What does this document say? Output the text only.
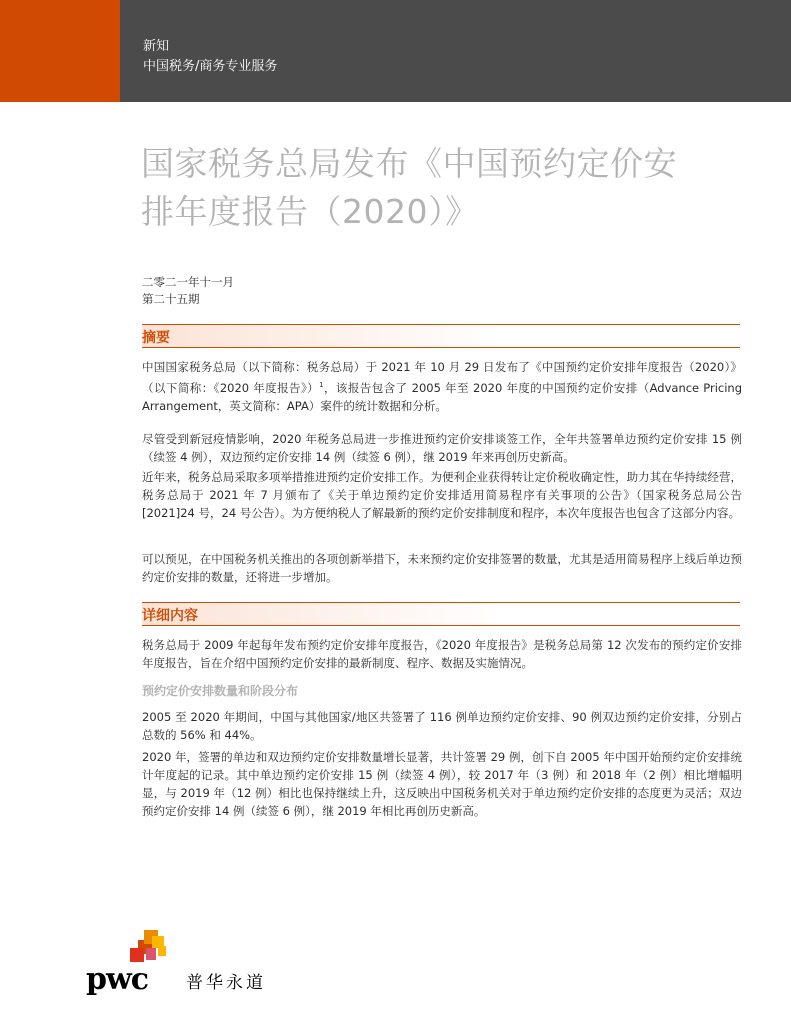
新知
中国税务/商务专业服务
国家税务总局发布《中国预约定价安
排年度报告（2020）》
二零二一年十一月
第二十五期
摘要

中国国家税务总局（以下简称：税务总局）于 2021 年 10 月 29 日发布了《中国预约定价安排年度报告（2020）》（以下简称：《2020 年度报告》）$^1$，该报告包含了 2005 年至 2020 年度的中国预约定价安排（Advance Pricing Arrangement，英文简称：APA）案件的统计数据和分析。

尽管受到新冠疫情影响，2020 年税务总局进一步推进预约定价安排谈签工作，全年共签署单边预约定价安排 15 例（续签 4 例），双边预约定价安排 14 例（续签 6 例），继 2019 年来再创历史新高。

近年来，税务总局采取多项举措推进预约定价安排工作。为便利企业获得转让定价税收确定性，助力其在华持续经营，税务总局于 2021 年 7 月颁布了《关于单边预约定价安排适用简易程序有关事项的公告》（国家税务总局公告[2021]24 号，24 号公告）。为方便纳税人了解最新的预约定价安排制度和程序，本次年度报告也包含了这部分内容。

可以预见，在中国税务机关推出的各项创新举措下，未来预约定价安排签署的数量，尤其是适用简易程序上线后单边预约定价安排的数量，还将进一步增加。

详细内容

税务总局于 2009 年起每年发布预约定价安排年度报告，《2020 年度报告》是税务总局第 12 次发布的预约定价安排年度报告，旨在介绍中国预约定价安排的最新制度、程序、数据及实施情况。

预约定价安排数量和阶段分布

2005 至 2020 年期间，中国与其他国家/地区共签署了 116 例单边预约定价安排、90 例双边预约定价安排，分别占总数的 56% 和 44%。

2020 年，签署的单边和双边预约定价安排数量增长显著，共计签署 29 例，创下自 2005 年中国开始预约定价安排统计年度起的记录。其中单边预约定价安排 15 例（续签 4 例），较 2017 年（3 例）和 2018 年（2 例）相比增幅明显，与 2019 年（12 例）相比也保持继续上升，这反映出中国税务机关对于单边预约定价安排的态度更为灵活；双边预约定价安排 14 例（续签 6 例），继 2019 年相比再创历史新高。

pwc 普华永道
